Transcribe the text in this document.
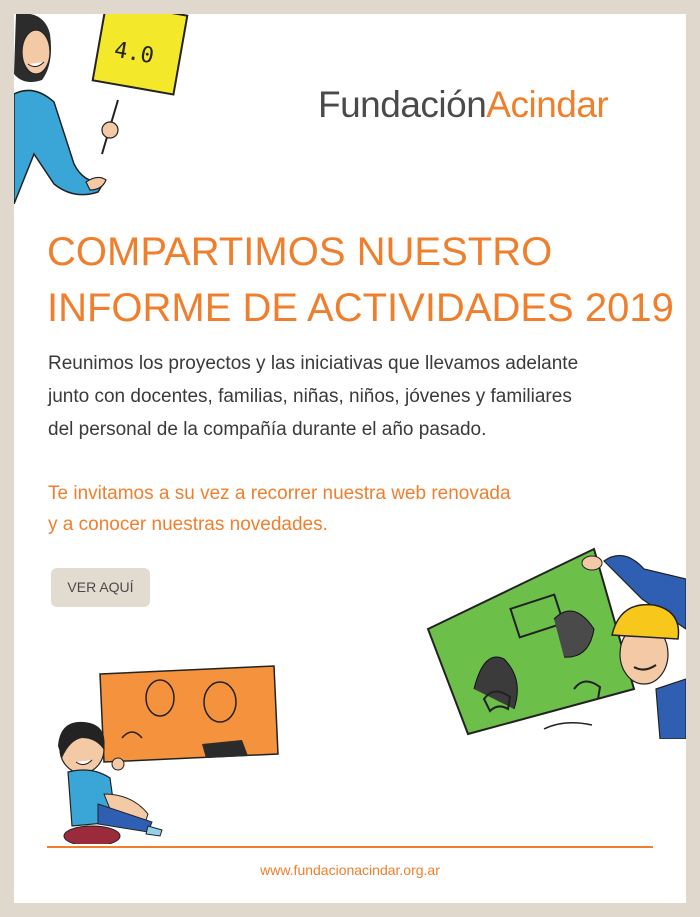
4.0
FundaciónAcindar
COMPARTIMOS NUESTRO
INFORME DE ACTIVIDADES 2019
Reunimos los proyectos y las iniciativas que llevamos adelante
junto con docentes, familias, niñas, niños, jóvenes y familiares
del personal de la compañía durante el año pasado.
Te invitamos a su vez a recorrer nuestra web renovada
y a conocer nuestras novedades.
VER AQUÍ
www.fundacionacindar.org.ar
